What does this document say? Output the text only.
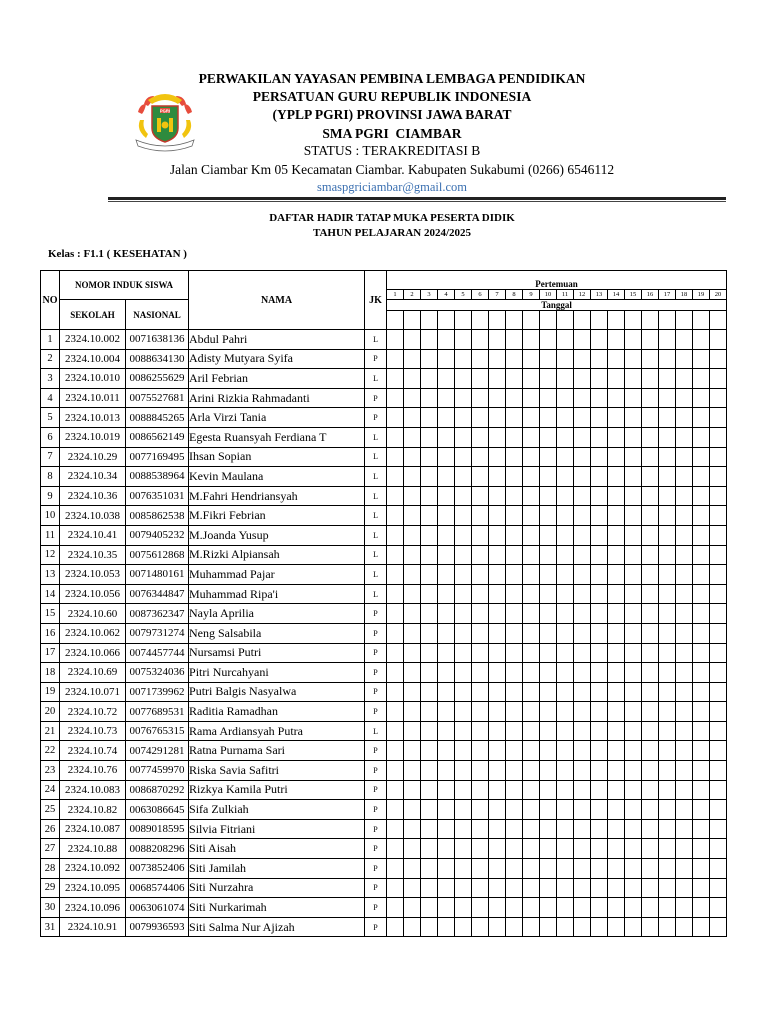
PGRI
PERWAKILAN YAYASAN PEMBINA LEMBAGA PENDIDIKAN
PERSATUAN GURU REPUBLIK INDONESIA
(YPLP PGRI) PROVINSI JAWA BARAT
SMA PGRI  CIAMBAR
STATUS : TERAKREDITASI B
Jalan Ciambar Km 05 Kecamatan Ciambar. Kabupaten Sukabumi (0266) 6546112
smaspgriciambar@gmail.com
DAFTAR HADIR TATAP MUKA PESERTA DIDIK
TAHUN PELAJARAN 2024/2025
Kelas : F1.1 ( KESEHATAN )
NO	NOMOR INDUK SISWA		NAMA	JK	Pertemuan																			
					1	2	3	4	5	6	7	8	9	10	11	12	13	14	15	16	17	18	19	20
	SEKOLAH	NASIONAL			Tanggal																			

1	2324.10.002	0071638136	Abdul Pahri	L																				
2	2324.10.004	0088634130	Adisty Mutyara Syifa	P																				
3	2324.10.010	0086255629	Aril Febrian	L																				
4	2324.10.011	0075527681	Arini Rizkia Rahmadanti	P																				
5	2324.10.013	0088845265	Arla Virzi Tania	P																				
6	2324.10.019	0086562149	Egesta Ruansyah Ferdiana T	L																				
7	2324.10.29	0077169495	Ihsan Sopian	L																				
8	2324.10.34	0088538964	Kevin Maulana	L																				
9	2324.10.36	0076351031	M.Fahri Hendriansyah	L																				
10	2324.10.038	0085862538	M.Fikri Febrian	L																				
11	2324.10.41	0079405232	M.Joanda Yusup	L																				
12	2324.10.35	0075612868	M.Rizki Alpiansah	L																				
13	2324.10.053	0071480161	Muhammad Pajar	L																				
14	2324.10.056	0076344847	Muhammad Ripa'i	L																				
15	2324.10.60	0087362347	Nayla Aprilia	P																				
16	2324.10.062	0079731274	Neng Salsabila	P																				
17	2324.10.066	0074457744	Nursamsi Putri	P																				
18	2324.10.69	0075324036	Pitri Nurcahyani	P																				
19	2324.10.071	0071739962	Putri Balgis Nasyalwa	P																				
20	2324.10.72	0077689531	Raditia Ramadhan	P																				
21	2324.10.73	0076765315	Rama Ardiansyah Putra	L																				
22	2324.10.74	0074291281	Ratna Purnama Sari	P																				
23	2324.10.76	0077459970	Riska Savia Safitri	P																				
24	2324.10.083	0086870292	Rizkya Kamila Putri	P																				
25	2324.10.82	0063086645	Sifa Zulkiah	P																				
26	2324.10.087	0089018595	Silvia Fitriani	P																				
27	2324.10.88	0088208296	Siti Aisah	P																				
28	2324.10.092	0073852406	Siti Jamilah	P																				
29	2324.10.095	0068574406	Siti Nurzahra	P																				
30	2324.10.096	0063061074	Siti Nurkarimah	P																				
31	2324.10.91	0079936593	Siti Salma Nur Ajizah	P																				
